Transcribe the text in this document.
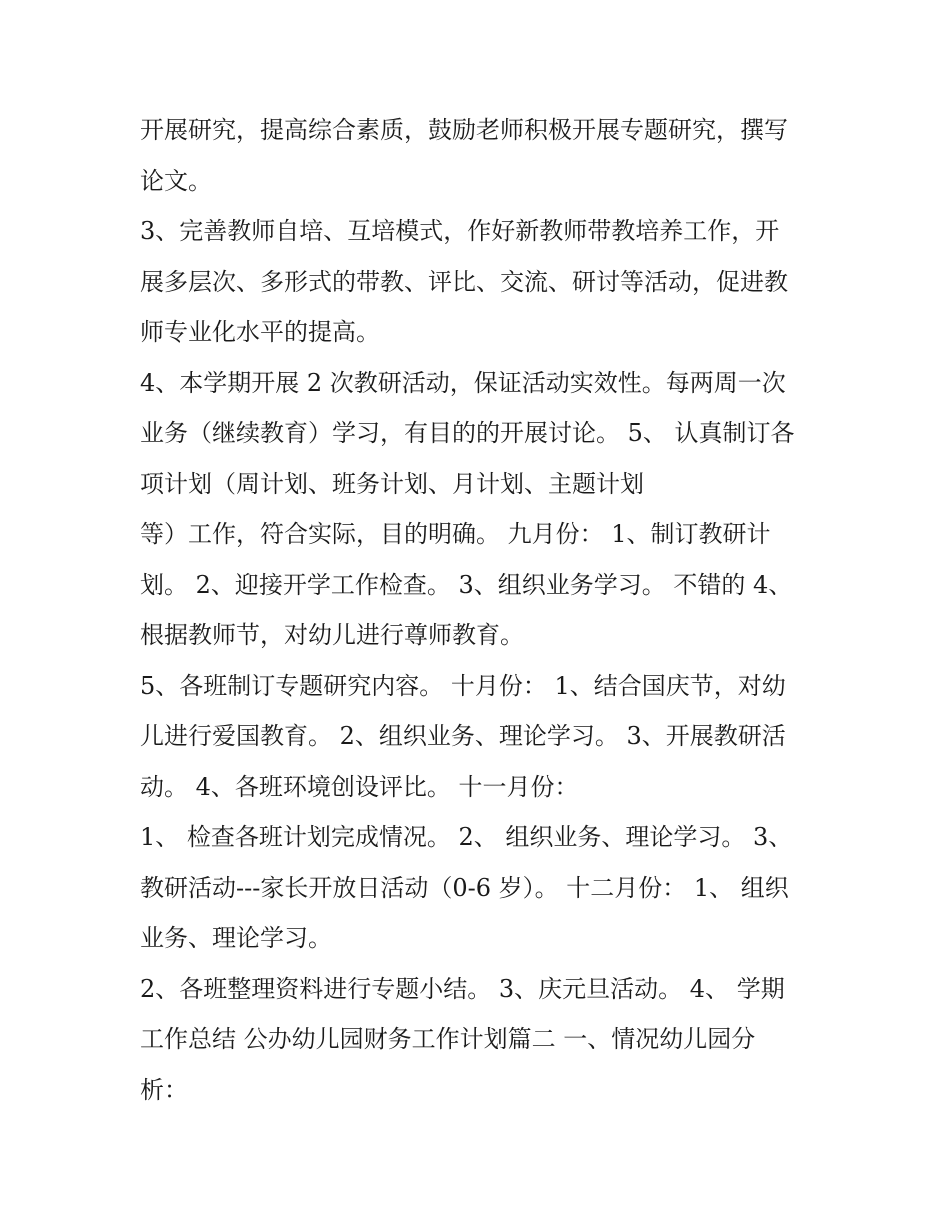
开展研究，提高综合素质，鼓励老师积极开展专题研究，撰写
论文。
3、完善教师自培、互培模式，作好新教师带教培养工作，开
展多层次、多形式的带教、评比、交流、研讨等活动，促进教
师专业化水平的提高。
4、本学期开展 2 次教研活动，保证活动实效性。每两周一次
业务（继续教育）学习，有目的的开展讨论。 5、 认真制订各
项计划（周计划、班务计划、月计划、主题计划
等）工作，符合实际，目的明确。 九月份： 1、制订教研计
划。 2、迎接开学工作检查。 3、组织业务学习。 不错的 4、
根据教师节，对幼儿进行尊师教育。
5、各班制订专题研究内容。 十月份： 1、结合国庆节，对幼
儿进行爱国教育。 2、组织业务、理论学习。 3、开展教研活
动。 4、各班环境创设评比。 十一月份：
1、 检查各班计划完成情况。 2、 组织业务、理论学习。 3、
教研活动---家长开放日活动（0-6 岁）。 十二月份： 1、 组织
业务、理论学习。
2、各班整理资料进行专题小结。 3、庆元旦活动。 4、 学期
工作总结 公办幼儿园财务工作计划篇二 一、情况幼儿园分
析：
